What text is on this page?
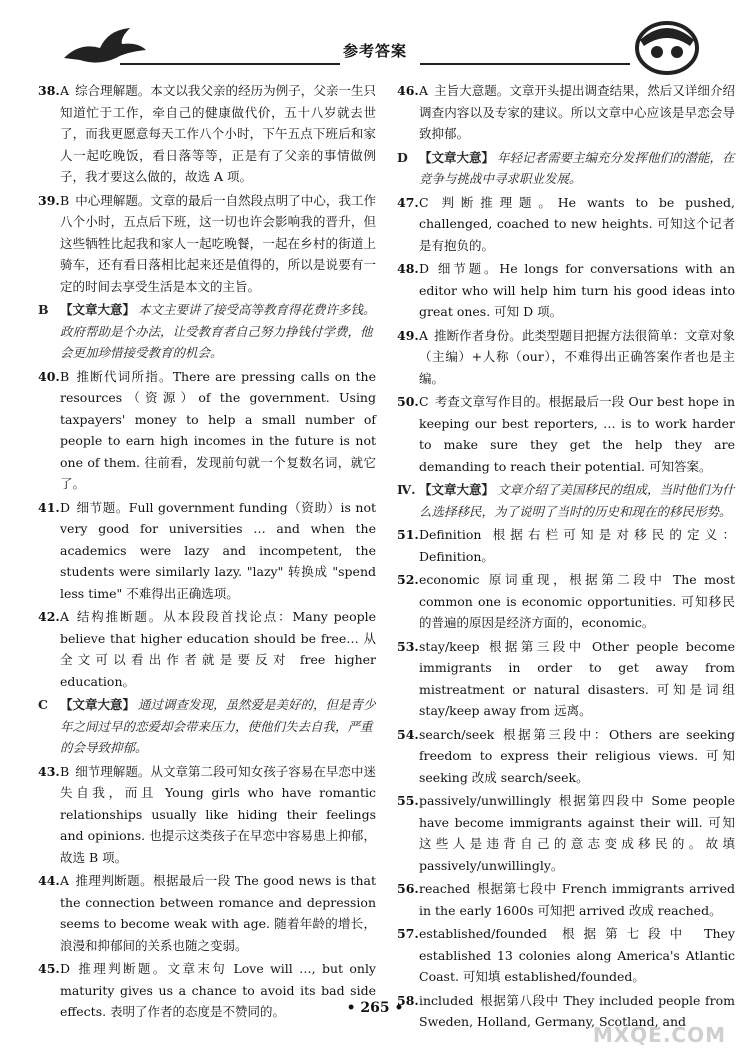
参考答案
38. A 综合理解题。本文以我父亲的经历为例子，父亲一生只知道忙于工作，牵自己的健康做代价，五十八岁就去世了，而我更愿意每天工作八个小时，下午五点下班后和家人一起吃晚饭，看日落等等，正是有了父亲的事情做例子，我才要这么做的，故选 A 项。
39. B 中心理解题。文章的最后一自然段点明了中心，我工作八个小时，五点后下班，这一切也许会影响我的晋升，但这些牺牲比起我和家人一起吃晚餐，一起在乡村的街道上骑车，还有看日落相比起来还是值得的，所以是说要有一定的时间去享受生活是本文的主旨。
B 【文章大意】 本文主要讲了接受高等教育得花费许多钱。政府帮助是个办法，让受教育者自己努力挣钱付学费，他会更加珍惜接受教育的机会。
40. B 推断代词所指。There are pressing calls on the resources（资源）of the government. Using taxpayers' money to help a small number of people to earn high incomes in the future is not one of them. 往前看，发现前句就一个复数名词，就它了。
41. D 细节题。Full government funding（资助）is not very good for universities … and when the academics were lazy and incompetent, the students were similarly lazy. "lazy" 转换成 "spend less time" 不难得出正确选项。
42. A 结构推断题。从本段段首找论点：Many people believe that higher education should be free… 从全文可以看出作者就是要反对 free higher education。
C 【文章大意】 通过调查发现，虽然爱是美好的，但是青少年之间过早的恋爱却会带来压力，使他们失去自我，严重的会导致抑郁。
43. B 细节理解题。从文章第二段可知女孩子容易在早恋中迷失自我，而且 Young girls who have romantic relationships usually like hiding their feelings and opinions. 也提示这类孩子在早恋中容易患上抑郁，故选 B 项。
44. A 推理判断题。根据最后一段 The good news is that the connection between romance and depression seems to become weak with age. 随着年龄的增长，浪漫和抑郁间的关系也随之变弱。
45. D 推理判断题。文章末句 Love will …, but only maturity gives us a chance to avoid its bad side effects. 表明了作者的态度是不赞同的。
46. A 主旨大意题。文章开头提出调查结果，然后又详细介绍调查内容以及专家的建议。所以文章中心应该是早恋会导致抑郁。
D 【文章大意】 年轻记者需要主编充分发挥他们的潜能，在竞争与挑战中寻求职业发展。
47. C 判断推理题。He wants to be pushed, challenged, coached to new heights. 可知这个记者是有抱负的。
48. D 细节题。He longs for conversations with an editor who will help him turn his good ideas into great ones. 可知 D 项。
49. A 推断作者身份。此类型题目把握方法很简单：文章对象（主编）+人称（our），不难得出正确答案作者也是主编。
50. C 考查文章写作目的。根据最后一段 Our best hope in keeping our best reporters, … is to work harder to make sure they get the help they are demanding to reach their potential. 可知答案。
Ⅳ. 【文章大意】 文章介绍了美国移民的组成，当时他们为什么选择移民，为了说明了当时的历史和现在的移民形势。
51. Definition 根据右栏可知是对移民的定义：Definition。
52. economic 原词重现，根据第二段中 The most common one is economic opportunities. 可知移民的普遍的原因是经济方面的，economic。
53. stay/keep 根据第三段中 Other people become immigrants in order to get away from mistreatment or natural disasters. 可知是词组 stay/keep away from 远离。
54. search/seek 根据第三段中：Others are seeking freedom to express their religious views. 可知 seeking 改成 search/seek。
55. passively/unwillingly 根据第四段中 Some people have become immigrants against their will. 可知这些人是违背自己的意志变成移民的。故填 passively/unwillingly。
56. reached 根据第七段中 French immigrants arrived in the early 1600s 可知把 arrived 改成 reached。
57. established/founded 根据第七段中 They established 13 colonies along America's Atlantic Coast. 可知填 established/founded。
58. included 根据第八段中 They included people from Sweden, Holland, Germany, Scotland, and
• 265 •
MXQE.COM
